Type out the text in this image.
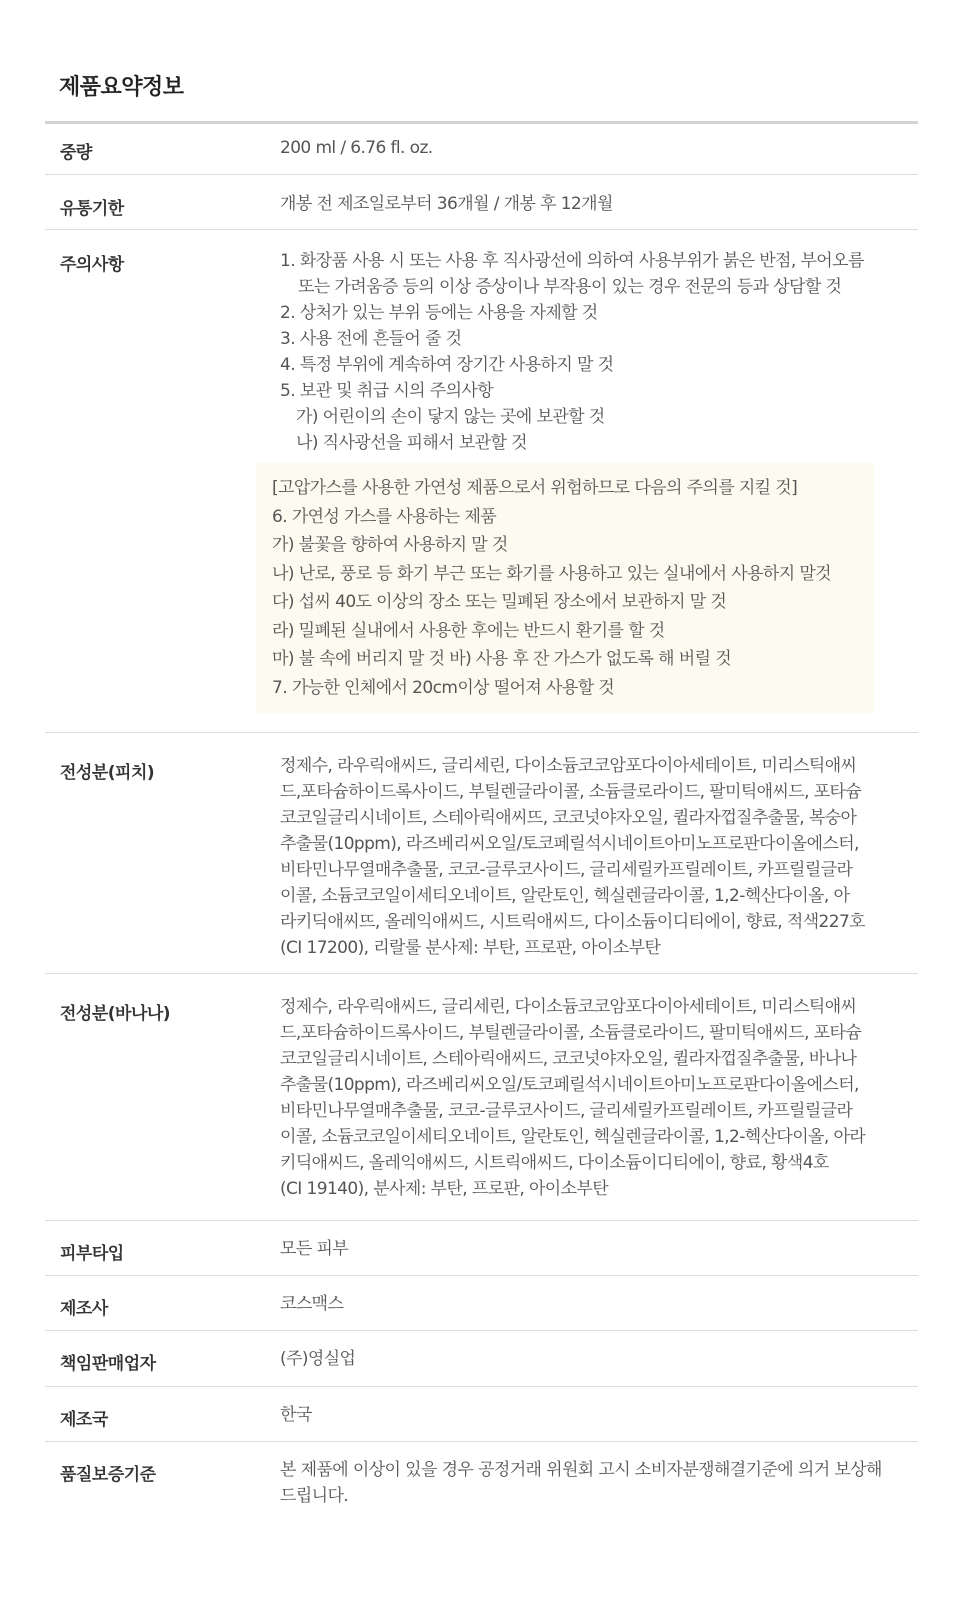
제품요약정보
중량	200 ml / 6.76 fl. oz.
유통기한	개봉 전 제조일로부터 36개월 / 개봉 후 12개월
주의사항	1. 화장품 사용 시 또는 사용 후 직사광선에 의하여 사용부위가 붉은 반점, 부어오름
또는 가려움증 등의 이상 증상이나 부작용이 있는 경우 전문의 등과 상담할 것
2. 상처가 있는 부위 등에는 사용을 자제할 것
3. 사용 전에 흔들어 줄 것
4. 특정 부위에 계속하여 장기간 사용하지 말 것
5. 보관 및 취급 시의 주의사항
가) 어린이의 손이 닿지 않는 곳에 보관할 것
나) 직사광선을 피해서 보관할 것
[고압가스를 사용한 가연성 제품으로서 위험하므로 다음의 주의를 지킬 것]
6. 가연성 가스를 사용하는 제품
가) 불꽃을 향하여 사용하지 말 것
나) 난로, 풍로 등 화기 부근 또는 화기를 사용하고 있는 실내에서 사용하지 말것
다) 섭씨 40도 이상의 장소 또는 밀폐된 장소에서 보관하지 말 것
라) 밀폐된 실내에서 사용한 후에는 반드시 환기를 할 것
마) 불 속에 버리지 말 것 바) 사용 후 잔 가스가 없도록 해 버릴 것
7. 가능한 인체에서 20cm이상 떨어져 사용할 것
전성분(피치)	정제수, 라우릭애씨드, 글리세린, 다이소듐코코암포다이아세테이트, 미리스틱애씨
드,포타슘하이드록사이드, 부틸렌글라이콜, 소듐클로라이드, 팔미틱애씨드, 포타슘
코코일글리시네이트, 스테아릭애씨뜨, 코코넛야자오일, 퀼라자껍질추출물, 복숭아
추출물(10ppm), 라즈베리씨오일/토코페릴석시네이트아미노프로판다이올에스터,
비타민나무열매추출물, 코코-글루코사이드, 글리세릴카프릴레이트, 카프릴릴글라
이콜, 소듐코코일이세티오네이트, 알란토인, 헥실렌글라이콜, 1,2-헥산다이올, 아
라키딕애씨뜨, 올레익애씨드, 시트릭애씨드, 다이소듐이디티에이, 향료, 적색227호
(CI 17200), 리랄룰 분사제: 부탄, 프로판, 아이소부탄
전성분(바나나)	정제수, 라우릭애씨드, 글리세린, 다이소듐코코암포다이아세테이트, 미리스틱애씨
드,포타슘하이드록사이드, 부틸렌글라이콜, 소듐클로라이드, 팔미틱애씨드, 포타슘
코코일글리시네이트, 스테아릭애씨드, 코코넛야자오일, 퀼라자껍질추출물, 바나나
추출물(10ppm), 라즈베리씨오일/토코페릴석시네이트아미노프로판다이올에스터,
비타민나무열매추출물, 코코-글루코사이드, 글리세릴카프릴레이트, 카프릴릴글라
이콜, 소듐코코일이세티오네이트, 알란토인, 헥실렌글라이콜, 1,2-헥산다이올, 아라
키딕애씨드, 올레익애씨드, 시트릭애씨드, 다이소듐이디티에이, 향료, 황색4호
(CI 19140), 분사제: 부탄, 프로판, 아이소부탄
피부타입	모든 피부
제조사	코스맥스
책임판매업자	(주)영실업
제조국	한국
품질보증기준	본 제품에 이상이 있을 경우 공정거래 위원회 고시 소비자분쟁해결기준에 의거 보상해
드립니다.
